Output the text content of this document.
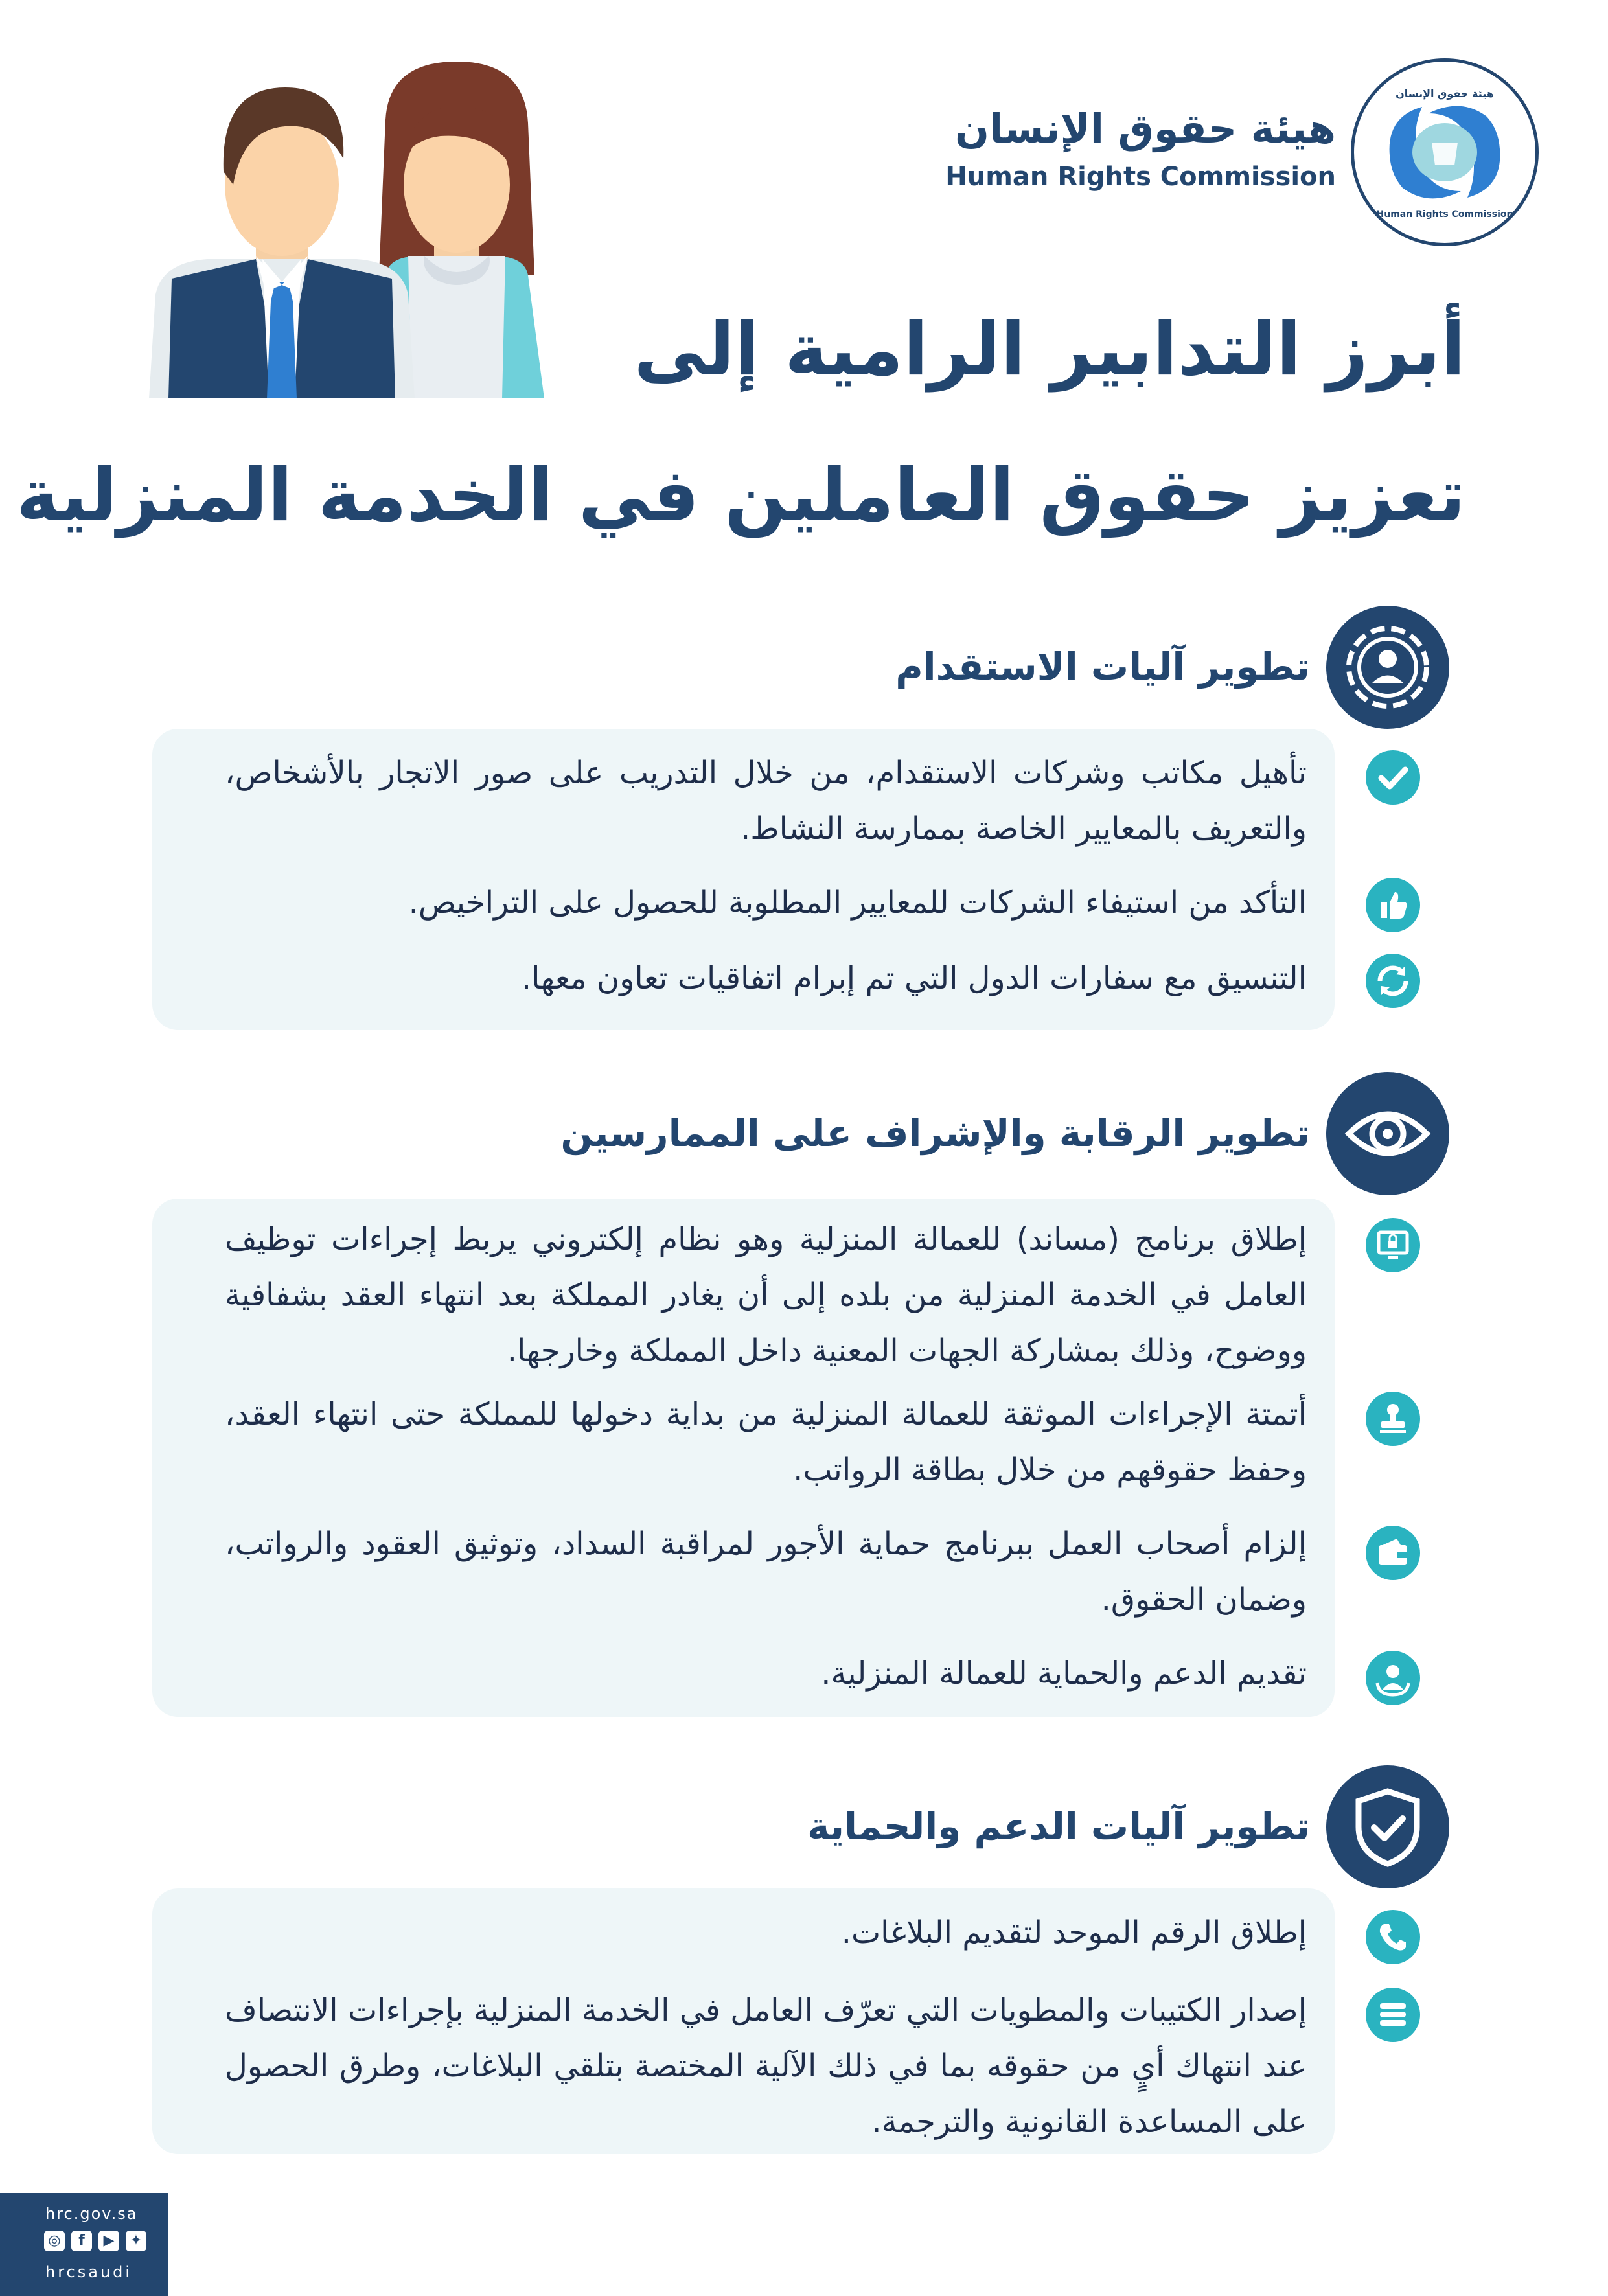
هيئة حقوق الإنسان
Human Rights Commission
هيئة حقوق الإنسان
Human Rights Commission
أبرز التدابير الرامية إلى
تعزيز حقوق العاملين في الخدمة المنزلية
تطوير آليات الاستقدام
تأهيل مكاتب وشركات الاستقدام، من خلال التدريب على صور الاتجار بالأشخاص، والتعريف بالمعايير الخاصة بممارسة النشاط.
التأكد من استيفاء الشركات للمعايير المطلوبة للحصول على التراخيص.
التنسيق مع سفارات الدول التي تم إبرام اتفاقيات تعاون معها.
تطوير الرقابة والإشراف على الممارسين
إطلاق برنامج (مساند) للعمالة المنزلية وهو نظام إلكتروني يربط إجراءات توظيف العامل في الخدمة المنزلية من بلده إلى أن يغادر المملكة بعد انتهاء العقد بشفافية ووضوح، وذلك بمشاركة الجهات المعنية داخل المملكة وخارجها.
أتمتة الإجراءات الموثقة للعمالة المنزلية من بداية دخولها للمملكة حتى انتهاء العقد، وحفظ حقوقهم من خلال بطاقة الرواتب.
إلزام أصحاب العمل ببرنامج حماية الأجور لمراقبة السداد، وتوثيق العقود والرواتب، وضمان الحقوق.
تقديم الدعم والحماية للعمالة المنزلية.
تطوير آليات الدعم والحماية
إطلاق الرقم الموحد لتقديم البلاغات.
إصدار الكتيبات والمطويات التي تعرّف العامل في الخدمة المنزلية بإجراءات الانتصاف عند انتهاك أيٍ من حقوقه بما في ذلك الآلية المختصة بتلقي البلاغات، وطرق الحصول على المساعدة القانونية والترجمة.
hrc.gov.sa
◎	f	▶	✦
hrcsaudi
